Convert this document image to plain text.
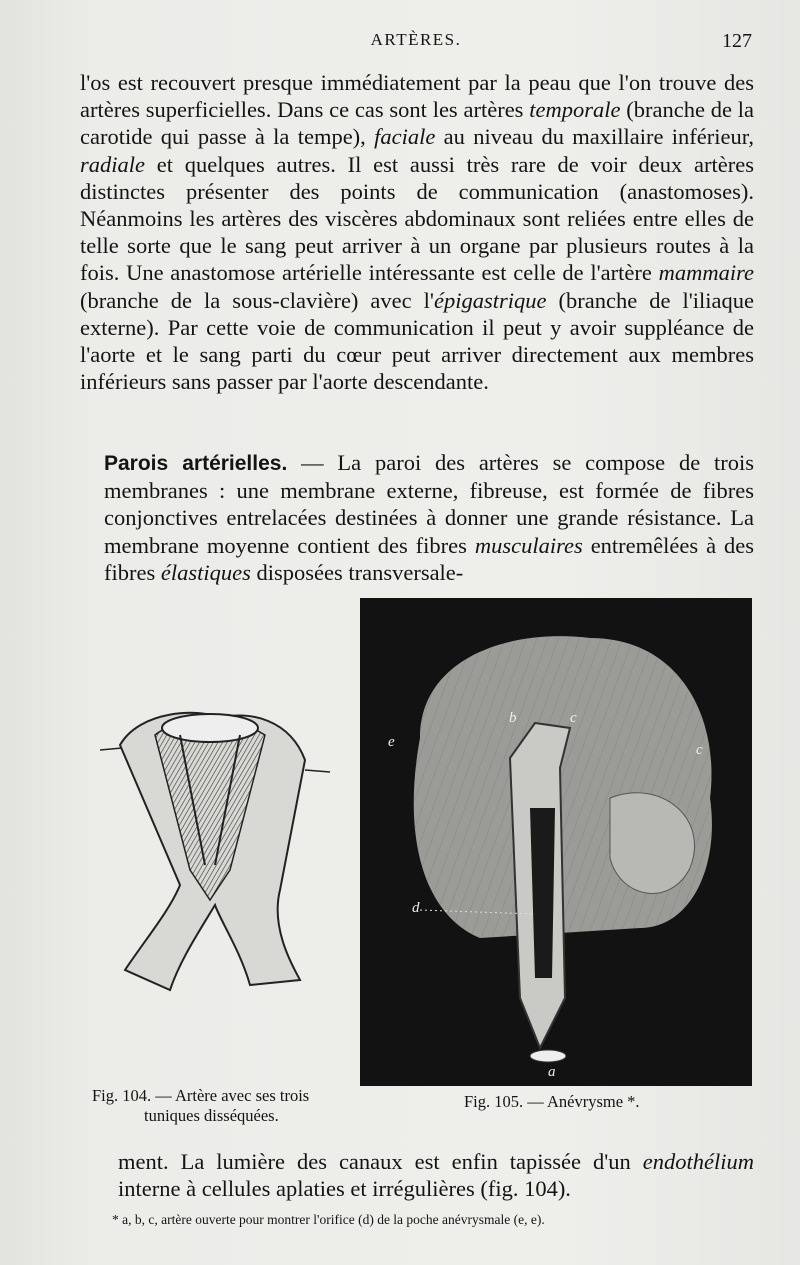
ARTÈRES.	127

l'os est recouvert presque immédiatement par la peau que l'on trouve des artères superficielles. Dans ce cas sont les artères temporale (branche de la carotide qui passe à la tempe), faciale au niveau du maxillaire inférieur, radiale et quelques autres. Il est aussi très rare de voir deux artères distinctes présenter des points de communication (anastomoses). Néanmoins les artères des viscères abdominaux sont reliées entre elles de telle sorte que le sang peut arriver à un organe par plusieurs routes à la fois. Une anastomose artérielle intéressante est celle de l'artère mammaire (branche de la sous-clavière) avec l'épigastrique (branche de l'iliaque externe). Par cette voie de communication il peut y avoir suppléance de l'aorte et le sang parti du cœur peut arriver directement aux membres inférieurs sans passer par l'aorte descendante.

Parois artérielles. — La paroi des artères se compose de trois membranes : une membrane externe, fibreuse, est formée de fibres conjonctives entrelacées destinées à donner une grande résistance. La membrane moyenne contient des fibres musculaires entremêlées à des fibres élastiques disposées transversale-

b	c
e	c
d
a
Fig. 104. — Artère avec ses trois
tuniques disséquées.
Fig. 105. — Anévrysme *.

ment. La lumière des canaux est enfin tapissée d'un endothélium interne à cellules aplaties et irrégulières (fig. 104).

* a, b, c, artère ouverte pour montrer l'orifice (d) de la poche anévrysmale (e, e).
